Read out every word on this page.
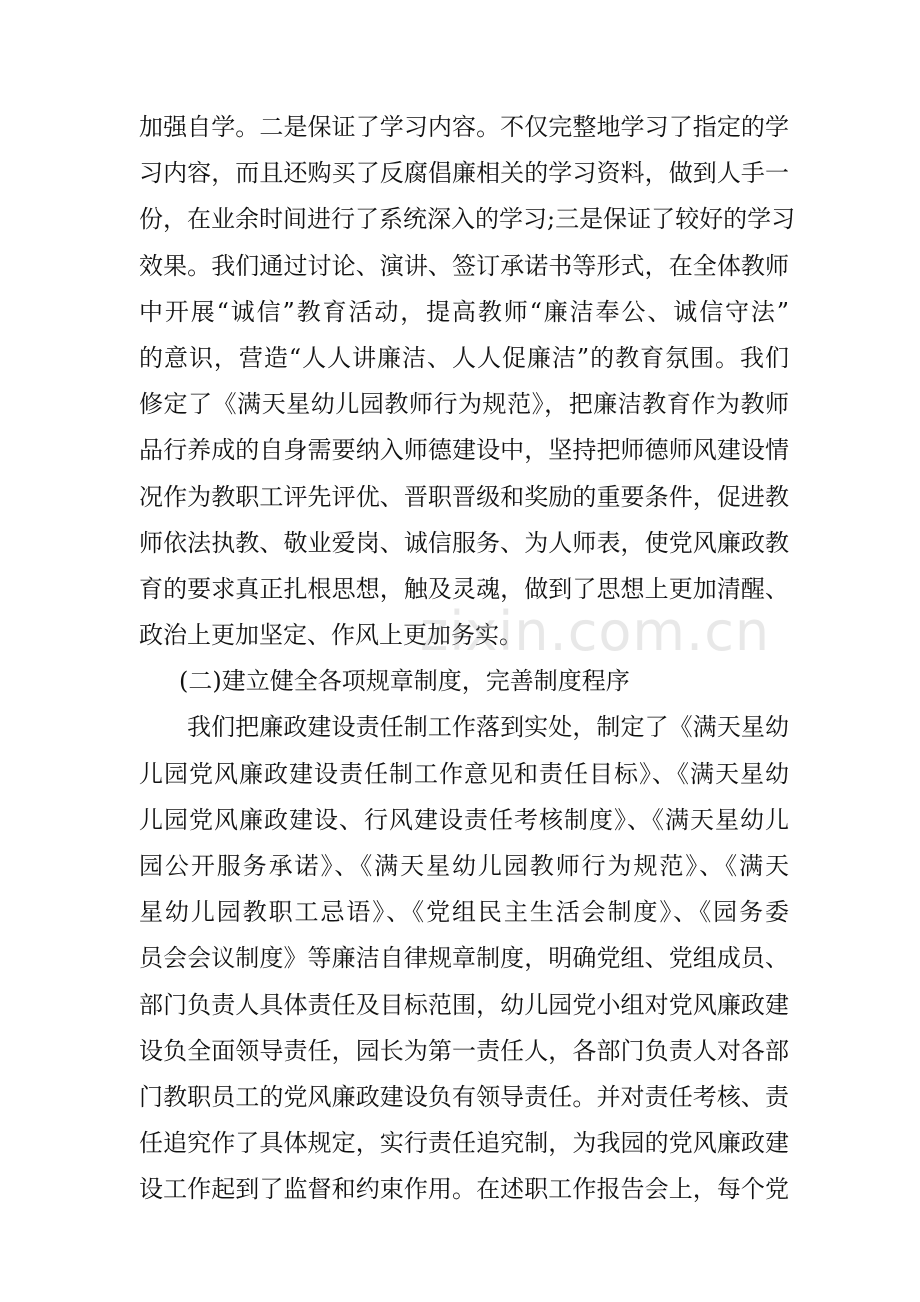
加强自学。二是保证了学习内容。不仅完整地学习了指定的学
习内容，而且还购买了反腐倡廉相关的学习资料，做到人手一
份，在业余时间进行了系统深入的学习;三是保证了较好的学习
效果。我们通过讨论、演讲、签订承诺书等形式，在全体教师
中开展“诚信”教育活动，提高教师“廉洁奉公、诚信守法”
的意识，营造“人人讲廉洁、人人促廉洁”的教育氛围。我们
修定了《满天星幼儿园教师行为规范》，把廉洁教育作为教师
品行养成的自身需要纳入师德建设中，坚持把师德师风建设情
况作为教职工评先评优、晋职晋级和奖励的重要条件，促进教
师依法执教、敬业爱岗、诚信服务、为人师表，使党风廉政教
育的要求真正扎根思想，触及灵魂，做到了思想上更加清醒、
政治上更加坚定、作风上更加务实。
(二)建立健全各项规章制度，完善制度程序
我们把廉政建设责任制工作落到实处，制定了《满天星幼
儿园党风廉政建设责任制工作意见和责任目标》、《满天星幼
儿园党风廉政建设、行风建设责任考核制度》、《满天星幼儿
园公开服务承诺》、《满天星幼儿园教师行为规范》、《满天
星幼儿园教职工忌语》、《党组民主生活会制度》、《园务委
员会会议制度》等廉洁自律规章制度，明确党组、党组成员、
部门负责人具体责任及目标范围，幼儿园党小组对党风廉政建
设负全面领导责任，园长为第一责任人，各部门负责人对各部
门教职员工的党风廉政建设负有领导责任。并对责任考核、责
任追究作了具体规定，实行责任追究制，为我园的党风廉政建
设工作起到了监督和约束作用。在述职工作报告会上，每个党
zixin.com.cn
